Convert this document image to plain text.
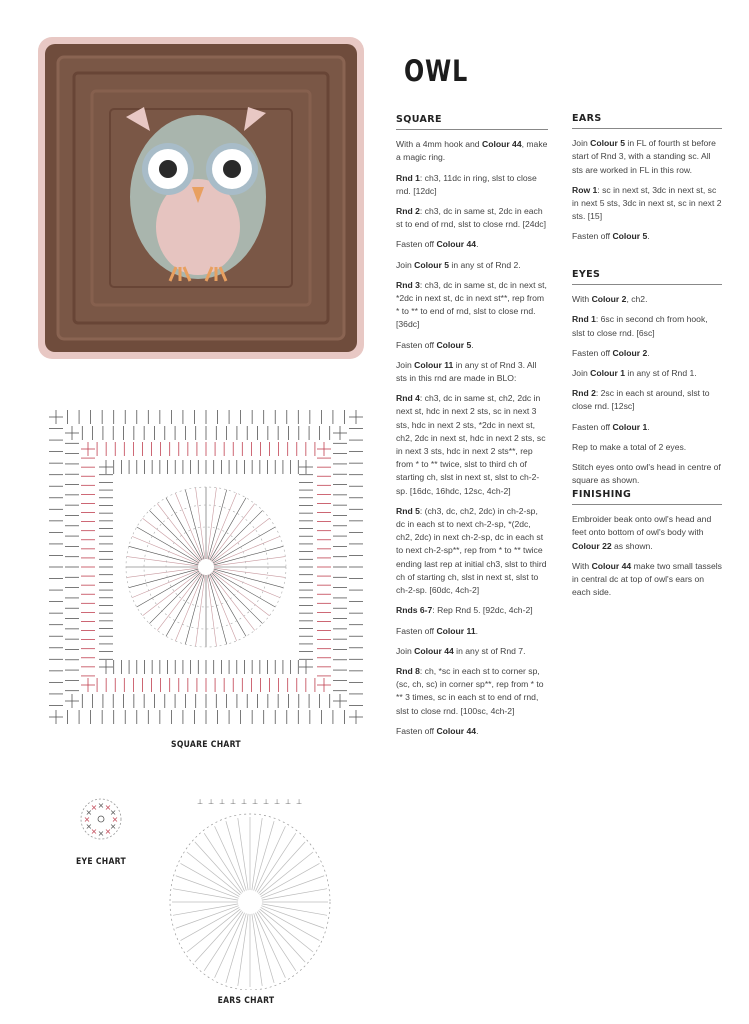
SQUARE CHART
×
×
×
×
×
×
×
×
× × ×
×
EYE CHART
⊥ ⊥ ⊥ ⊥ ⊥ ⊥ ⊥ ⊥ ⊥ ⊥
EARS CHART
OWL
SQUARE

With a 4mm hook and Colour 44, make a magic ring.

Rnd 1: ch3, 11dc in ring, slst to close rnd. [12dc]

Rnd 2: ch3, dc in same st, 2dc in each st to end of rnd, slst to close rnd. [24dc]

Fasten off Colour 44.

Join Colour 5 in any st of Rnd 2.

Rnd 3: ch3, dc in same st, dc in next st, *2dc in next st, dc in next st**, rep from * to ** to end of rnd, slst to close rnd. [36dc]

Fasten off Colour 5.

Join Colour 11 in any st of Rnd 3. All sts in this rnd are made in BLO:

Rnd 4: ch3, dc in same st, ch2, 2dc in next st, hdc in next 2 sts, sc in next 3 sts, hdc in next 2 sts, *2dc in next st, ch2, 2dc in next st, hdc in next 2 sts, sc in next 3 sts, hdc in next 2 sts**, rep from * to ** twice, slst to third ch of starting ch, slst in next st, slst to ch-2-sp. [16dc, 16hdc, 12sc, 4ch-2]

Rnd 5: (ch3, dc, ch2, 2dc) in ch-2-sp, dc in each st to next ch-2-sp, *(2dc, ch2, 2dc) in next ch-2-sp, dc in each st to next ch-2-sp**, rep from * to ** twice ending last rep at initial ch3, slst to third ch of starting ch, slst in next st, slst to ch-2-sp. [60dc, 4ch-2]

Rnds 6-7: Rep Rnd 5. [92dc, 4ch-2]

Fasten off Colour 11.

Join Colour 44 in any st of Rnd 7.

Rnd 8: ch, *sc in each st to corner sp, (sc, ch, sc) in corner sp**, rep from * to ** 3 times, sc in each st to end of rnd, slst to close rnd. [100sc, 4ch-2]

Fasten off Colour 44.

EARS

Join Colour 5 in FL of fourth st before start of Rnd 3, with a standing sc. All sts are worked in FL in this row.

Row 1: sc in next st, 3dc in next st, sc in next 5 sts, 3dc in next st, sc in next 2 sts. [15]

Fasten off Colour 5.

EYES

With Colour 2, ch2.

Rnd 1: 6sc in second ch from hook, slst to close rnd. [6sc]

Fasten off Colour 2.

Join Colour 1 in any st of Rnd 1.

Rnd 2: 2sc in each st around, slst to close rnd. [12sc]

Fasten off Colour 1.

Rep to make a total of 2 eyes.

Stitch eyes onto owl's head in centre of square as shown.

FINISHING

Embroider beak onto owl's head and feet onto bottom of owl's body with Colour 22 as shown.

With Colour 44 make two small tassels in central dc at top of owl's ears on each side.
